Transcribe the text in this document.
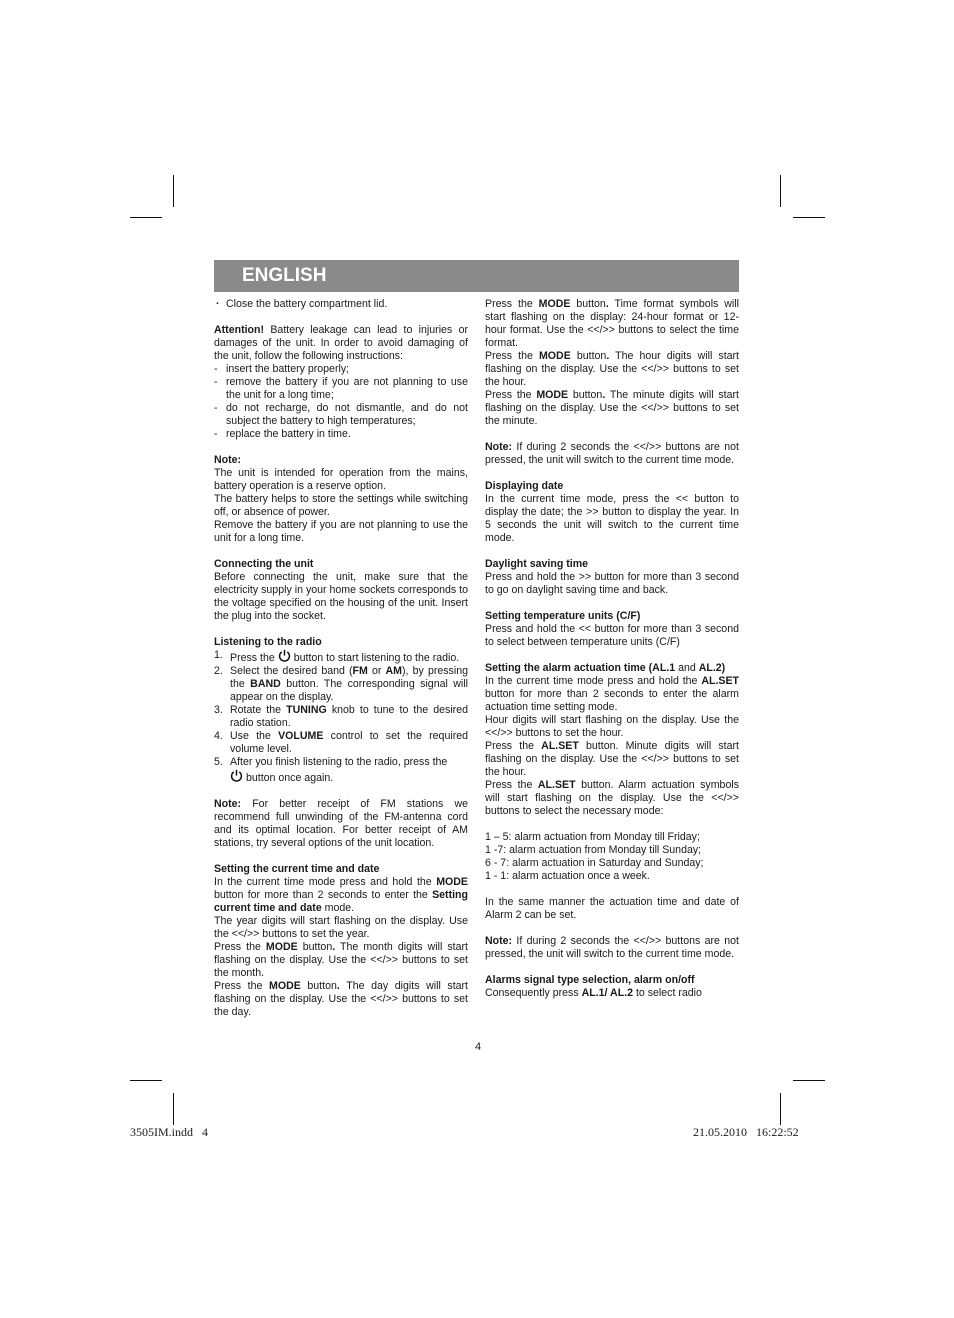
ENGLISH
· Close the battery compartment lid.

Attention! Battery leakage can lead to injuries or damages of the unit. In order to avoid damaging of the unit, follow the following instructions:

- insert the battery properly;
- remove the battery if you are not planning to use the unit for a long time;
- do not recharge, do not dismantle, and do not subject the battery to high temperatures;
- replace the battery in time.

Note:

The unit is intended for operation from the mains, battery operation is a reserve option.

The battery helps to store the settings while switching off, or absence of power.

Remove the battery if you are not planning to use the unit for a long time.

Connecting the unit

Before connecting the unit, make sure that the electricity supply in your home sockets corresponds to the voltage specified on the housing of the unit. Insert the plug into the socket.

Listening to the radio

1. Press the button to start listening to the radio.
2. Select the desired band (FM or AM), by pressing the BAND button. The corresponding signal will appear on the display.
3. Rotate the TUNING knob to tune to the desired radio station.
4. Use the VOLUME control to set the required volume level.
5. After you finish listening to the radio, press the
button once again.

Note: For better receipt of FM stations we recommend full unwinding of the FM-antenna cord and its optimal location. For better receipt of AM stations, try several options of the unit location.

Setting the current time and date

In the current time mode press and hold the MODE button for more than 2 seconds to enter the Setting current time and date mode.

The year digits will start flashing on the display. Use the <</>> buttons to set the year.

Press the MODE button. The month digits will start flashing on the display. Use the <</>> buttons to set the month.

Press the MODE button. The day digits will start flashing on the display. Use the <</>> buttons to set the day.

Press the MODE button. Time format symbols will start flashing on the display: 24-hour format or 12-hour format. Use the <</>> buttons to select the time format.

Press the MODE button. The hour digits will start flashing on the display. Use the <</>> buttons to set the hour.

Press the MODE button. The minute digits will start flashing on the display. Use the <</>> buttons to set the minute.

Note: If during 2 seconds the <</>> buttons are not pressed, the unit will switch to the current time mode.

Displaying date

In the current time mode, press the << button to display the date; the >> button to display the year. In 5 seconds the unit will switch to the current time mode.

Daylight saving time

Press and hold the >> button for more than 3 second to go on daylight saving time and back.

Setting temperature units (C/F)

Press and hold the << button for more than 3 second to select between temperature units (C/F)

Setting the alarm actuation time (AL.1 and AL.2)

In the current time mode press and hold the AL.SET button for more than 2 seconds to enter the alarm actuation time setting mode.

Hour digits will start flashing on the display. Use the <</>> buttons to set the hour.

Press the AL.SET button. Minute digits will start flashing on the display. Use the <</>> buttons to set the hour.

Press the AL.SET button. Alarm actuation symbols will start flashing on the display. Use the <</>> buttons to select the necessary mode:

1 – 5: alarm actuation from Monday till Friday;

1 -7: alarm actuation from Monday till Sunday;

6 - 7: alarm actuation in Saturday and Sunday;

1 - 1: alarm actuation once a week.

In the same manner the actuation time and date of Alarm 2 can be set.

Note: If during 2 seconds the <</>> buttons are not pressed, the unit will switch to the current time mode.

Alarms signal type selection, alarm on/off

Consequently press AL.1/ AL.2 to select radio

4
3505IM.indd   4	21.05.2010   16:22:52
